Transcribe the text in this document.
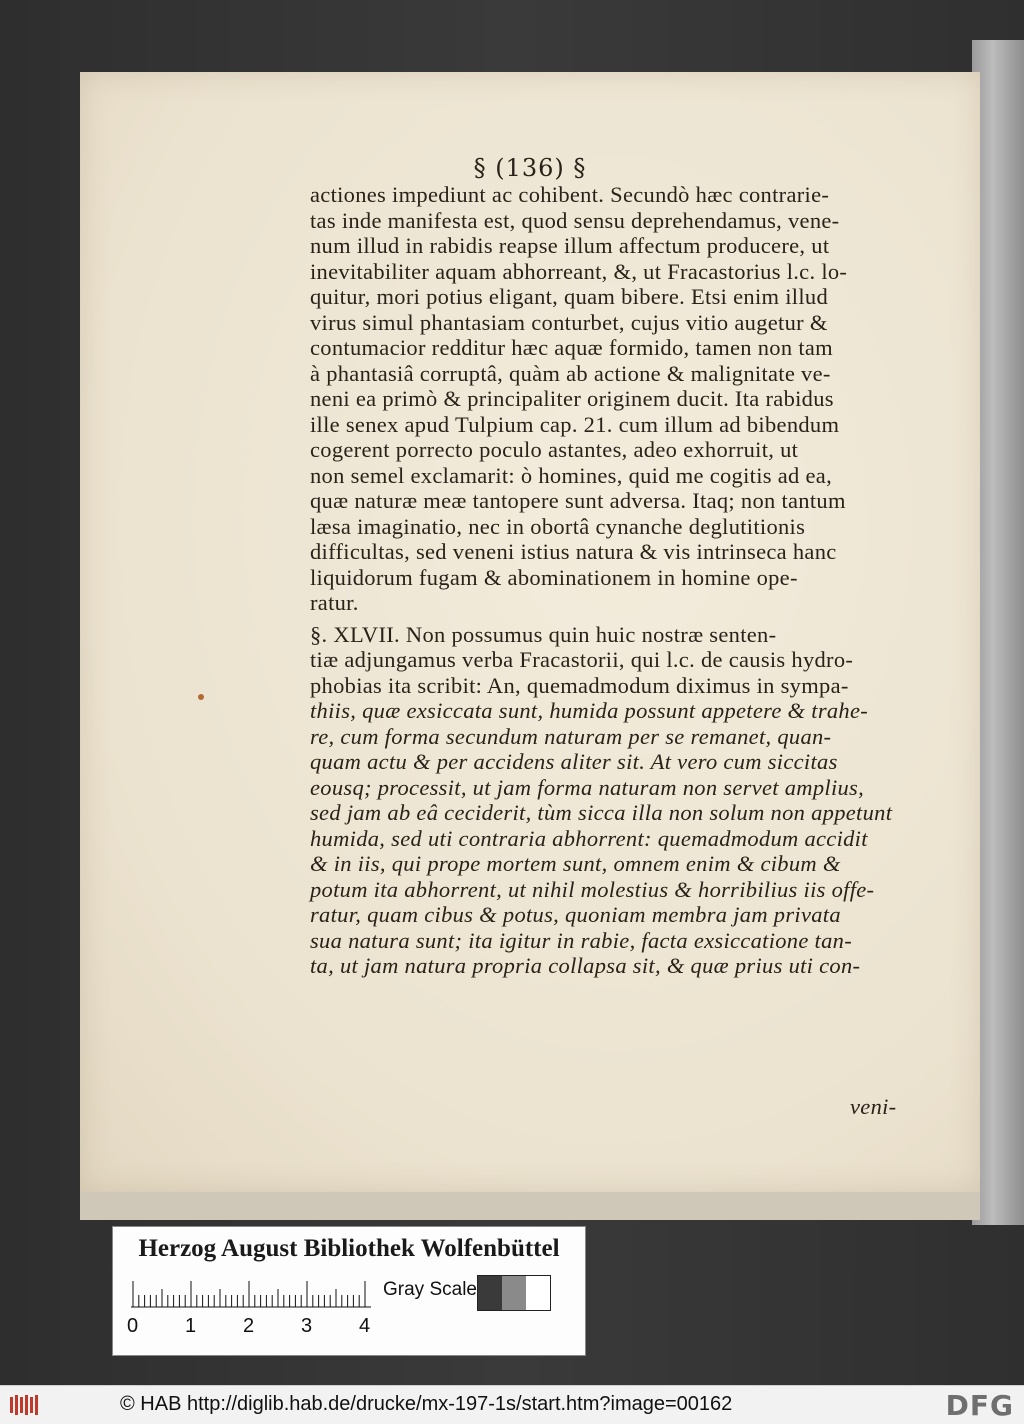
§ (136) §
actiones impediunt ac cohibent. Secundò hæc contrarie-
tas inde manifesta est, quod sensu deprehendamus, vene-
num illud in rabidis reapse illum affectum producere, ut
inevitabiliter aquam abhorreant, &, ut Fracastorius l.c. lo-
quitur, mori potius eligant, quam bibere. Etsi enim illud
virus simul phantasiam conturbet, cujus vitio augetur &
contumacior redditur hæc aquæ formido, tamen non tam
à phantasiâ corruptâ, quàm ab actione & malignitate ve-
neni ea primò & principaliter originem ducit. Ita rabidus
ille senex apud Tulpium cap. 21. cum illum ad bibendum
cogerent porrecto poculo astantes, adeo exhorruit, ut
non semel exclamarit: ò homines, quid me cogitis ad ea,
quæ naturæ meæ tantopere sunt adversa. Itaq; non tantum
læsa imaginatio, nec in obortâ cynanche deglutitionis
difficultas, sed veneni istius natura & vis intrinseca hanc
liquidorum fugam & abominationem in homine ope-
ratur.
§. XLVII. Non possumus quin huic nostræ senten-
tiæ adjungamus verba Fracastorii, qui l.c. de causis hydro-
phobias ita scribit: An, quemadmodum diximus in sympa-
thiis, quæ exsiccata sunt, humida possunt appetere & trahe-
re, cum forma secundum naturam per se remanet, quan-
quam actu & per accidens aliter sit. At vero cum siccitas
eousq; processit, ut jam forma naturam non servet amplius,
sed jam ab eâ ceciderit, tùm sicca illa non solum non appetunt
humida, sed uti contraria abhorrent: quemadmodum accidit
& in iis, qui prope mortem sunt, omnem enim & cibum &
potum ita abhorrent, ut nihil molestius & horribilius iis offe-
ratur, quam cibus & potus, quoniam membra jam privata
sua natura sunt; ita igitur in rabie, facta exsiccatione tan-
ta, ut jam natura propria collapsa sit, & quæ prius uti con-
veni-
Herzog August Bibliothek Wolfenbüttel
0 1 2 3 4
Gray Scale
© HAB http://diglib.hab.de/drucke/mx-197-1s/start.htm?image=00162	DFG
